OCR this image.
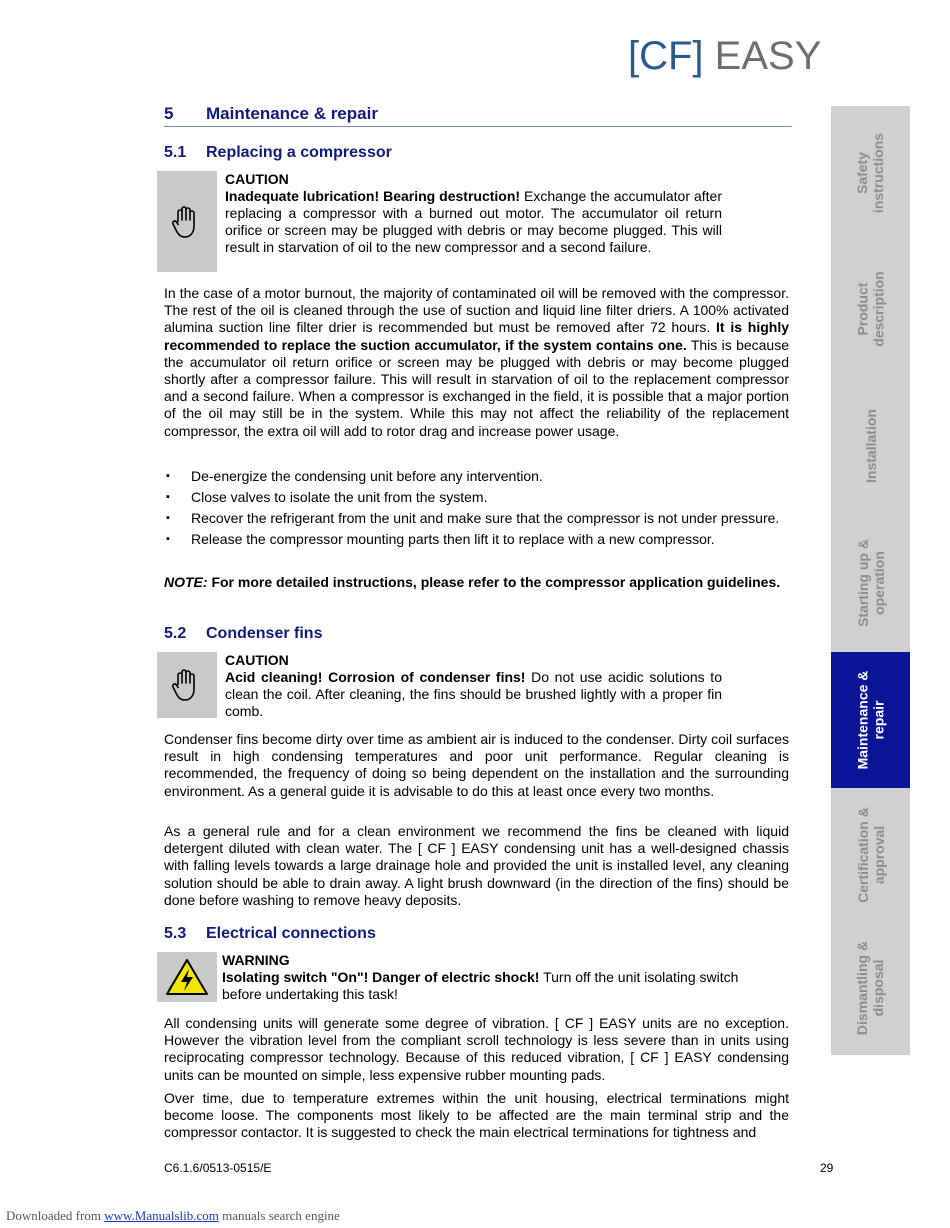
[CF] EASY
5 Maintenance & repair
5.1 Replacing a compressor
CAUTION
Inadequate lubrication! Bearing destruction! Exchange the accumulator after replacing a compressor with a burned out motor. The accumulator oil return orifice or screen may be plugged with debris or may become plugged. This will result in starvation of oil to the new compressor and a second failure.
In the case of a motor burnout, the majority of contaminated oil will be removed with the compressor. The rest of the oil is cleaned through the use of suction and liquid line filter driers. A 100% activated alumina suction line filter drier is recommended but must be removed after 72 hours. It is highly recommended to replace the suction accumulator, if the system contains one. This is because the accumulator oil return orifice or screen may be plugged with debris or may become plugged shortly after a compressor failure. This will result in starvation of oil to the replacement compressor and a second failure. When a compressor is exchanged in the field, it is possible that a major portion of the oil may still be in the system. While this may not affect the reliability of the replacement compressor, the extra oil will add to rotor drag and increase power usage.
▪ De-energize the condensing unit before any intervention.
▪ Close valves to isolate the unit from the system.
▪ Recover the refrigerant from the unit and make sure that the compressor is not under pressure.
▪ Release the compressor mounting parts then lift it to replace with a new compressor.
NOTE: For more detailed instructions, please refer to the compressor application guidelines.
5.2 Condenser fins
CAUTION
Acid cleaning! Corrosion of condenser fins! Do not use acidic solutions to clean the coil. After cleaning, the fins should be brushed lightly with a proper fin comb.
Condenser fins become dirty over time as ambient air is induced to the condenser. Dirty coil surfaces result in high condensing temperatures and poor unit performance. Regular cleaning is recommended, the frequency of doing so being dependent on the installation and the surrounding environment. As a general guide it is advisable to do this at least once every two months.
As a general rule and for a clean environment we recommend the fins be cleaned with liquid detergent diluted with clean water. The [ CF ] EASY condensing unit has a well-designed chassis with falling levels towards a large drainage hole and provided the unit is installed level, any cleaning solution should be able to drain away. A light brush downward (in the direction of the fins) should be done before washing to remove heavy deposits.
5.3 Electrical connections
WARNING
Isolating switch "On"! Danger of electric shock! Turn off the unit isolating switch before undertaking this task!
All condensing units will generate some degree of vibration. [ CF ] EASY units are no exception. However the vibration level from the compliant scroll technology is less severe than in units using reciprocating compressor technology. Because of this reduced vibration, [ CF ] EASY condensing units can be mounted on simple, less expensive rubber mounting pads.
Over time, due to temperature extremes within the unit housing, electrical terminations might become loose. The components most likely to be affected are the main terminal strip and the compressor contactor. It is suggested to check the main electrical terminations for tightness and
C6.1.6/0513-0515/E	29
Downloaded from www.Manualslib.com manuals search engine
Safety
instructions
Product
description
Installation
Starting up &
operation
Maintenance &
repair
Certification &
approval
Dismantling &
disposal
